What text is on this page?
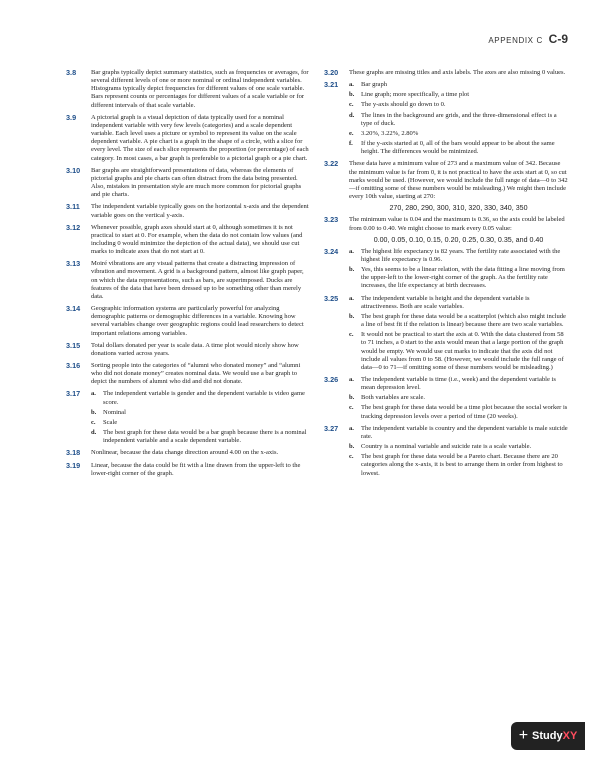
APPENDIX C C-9
3.8 Bar graphs typically depict summary statistics, such as frequencies or averages, for several different levels of one or more nominal or ordinal independent variables. Histograms typically depict frequencies for different values of one scale variable. Bars represent counts or percentages for different values of a scale variable or for different intervals of that scale variable.
3.9 A pictorial graph is a visual depiction of data typically used for a nominal independent variable with very few levels (categories) and a scale dependent variable. Each level uses a picture or symbol to represent its value on the scale dependent variable. A pie chart is a graph in the shape of a circle, with a slice for every level. The size of each slice represents the proportion (or percentage) of each category. In most cases, a bar graph is preferable to a pictorial graph or a pie chart.
3.10 Bar graphs are straightforward presentations of data, whereas the elements of pictorial graphs and pie charts can often distract from the data being presented. Also, mistakes in presentation style are much more common for pictorial graphs and pie charts.
3.11 The independent variable typically goes on the horizontal x-axis and the dependent variable goes on the vertical y-axis.
3.12 Whenever possible, graph axes should start at 0, although sometimes it is not practical to start at 0. For example, when the data do not contain low values (and including 0 would minimize the depiction of the actual data), we should use cut marks to indicate axes that do not start at 0.
3.13 Moiré vibrations are any visual patterns that create a distracting impression of vibration and movement. A grid is a background pattern, almost like graph paper, on which the data representations, such as bars, are superimposed. Ducks are features of the data that have been dressed up to be something other than merely data.
3.14 Geographic information systems are particularly powerful for analyzing demographic patterns or demographic differences in a variable. Knowing how several variables change over geographic regions could lead researchers to detect important relations among variables.
3.15 Total dollars donated per year is scale data. A time plot would nicely show how donations varied across years.
3.16 Sorting people into the categories of “alumni who donated money” and “alumni who did not donate money” creates nominal data. We would use a bar graph to depict the numbers of alumni who did and did not donate.
3.17 a. The independent variable is gender and the dependent variable is video game score.
b. Nominal
c. Scale
d. The best graph for these data would be a bar graph because there is a nominal independent variable and a scale dependent variable.
3.18 Nonlinear, because the data change direction around 4.00 on the x-axis.
3.19 Linear, because the data could be fit with a line drawn from the upper-left to the lower-right corner of the graph.
3.20 These graphs are missing titles and axis labels. The axes are also missing 0 values.
3.21 a. Bar graph
b. Line graph; more specifically, a time plot
c. The y-axis should go down to 0.
d. The lines in the background are grids, and the three-dimensional effect is a type of duck.
e. 3.20%, 3.22%, 2.80%
f. If the y-axis started at 0, all of the bars would appear to be about the same height. The differences would be minimized.
3.22 These data have a minimum value of 273 and a maximum value of 342. Because the minimum value is far from 0, it is not practical to have the axis start at 0, so cut marks would be used. (However, we would include the full range of data—0 to 342—if omitting some of these numbers would be misleading.) We might then include every 10th value, starting at 270:
270, 280, 290, 300, 310, 320, 330, 340, 350
3.23 The minimum value is 0.04 and the maximum is 0.36, so the axis could be labeled from 0.00 to 0.40. We might choose to mark every 0.05 value:
0.00, 0.05, 0.10, 0.15, 0.20, 0.25, 0.30, 0.35, and 0.40
3.24 a. The highest life expectancy is 82 years. The fertility rate associated with the highest life expectancy is 0.96.
b. Yes, this seems to be a linear relation, with the data fitting a line moving from the upper-left to the lower-right corner of the graph. As the fertility rate increases, the life expectancy at birth decreases.
3.25 a. The independent variable is height and the dependent variable is attractiveness. Both are scale variables.
b. The best graph for these data would be a scatterplot (which also might include a line of best fit if the relation is linear) because there are two scale variables.
c. It would not be practical to start the axis at 0. With the data clustered from 58 to 71 inches, a 0 start to the axis would mean that a large portion of the graph would be empty. We would use cut marks to indicate that the axis did not include all values from 0 to 58. (However, we would include the full range of data—0 to 71—if omitting some of these numbers would be misleading.)
3.26 a. The independent variable is time (i.e., week) and the dependent variable is mean depression level.
b. Both variables are scale.
c. The best graph for these data would be a time plot because the social worker is tracking depression levels over a period of time (20 weeks).
3.27 a. The independent variable is country and the dependent variable is male suicide rate.
b. Country is a nominal variable and suicide rate is a scale variable.
c. The best graph for these data would be a Pareto chart. Because there are 20 categories along the x-axis, it is best to arrange them in order from highest to lowest.
+ Study XY
